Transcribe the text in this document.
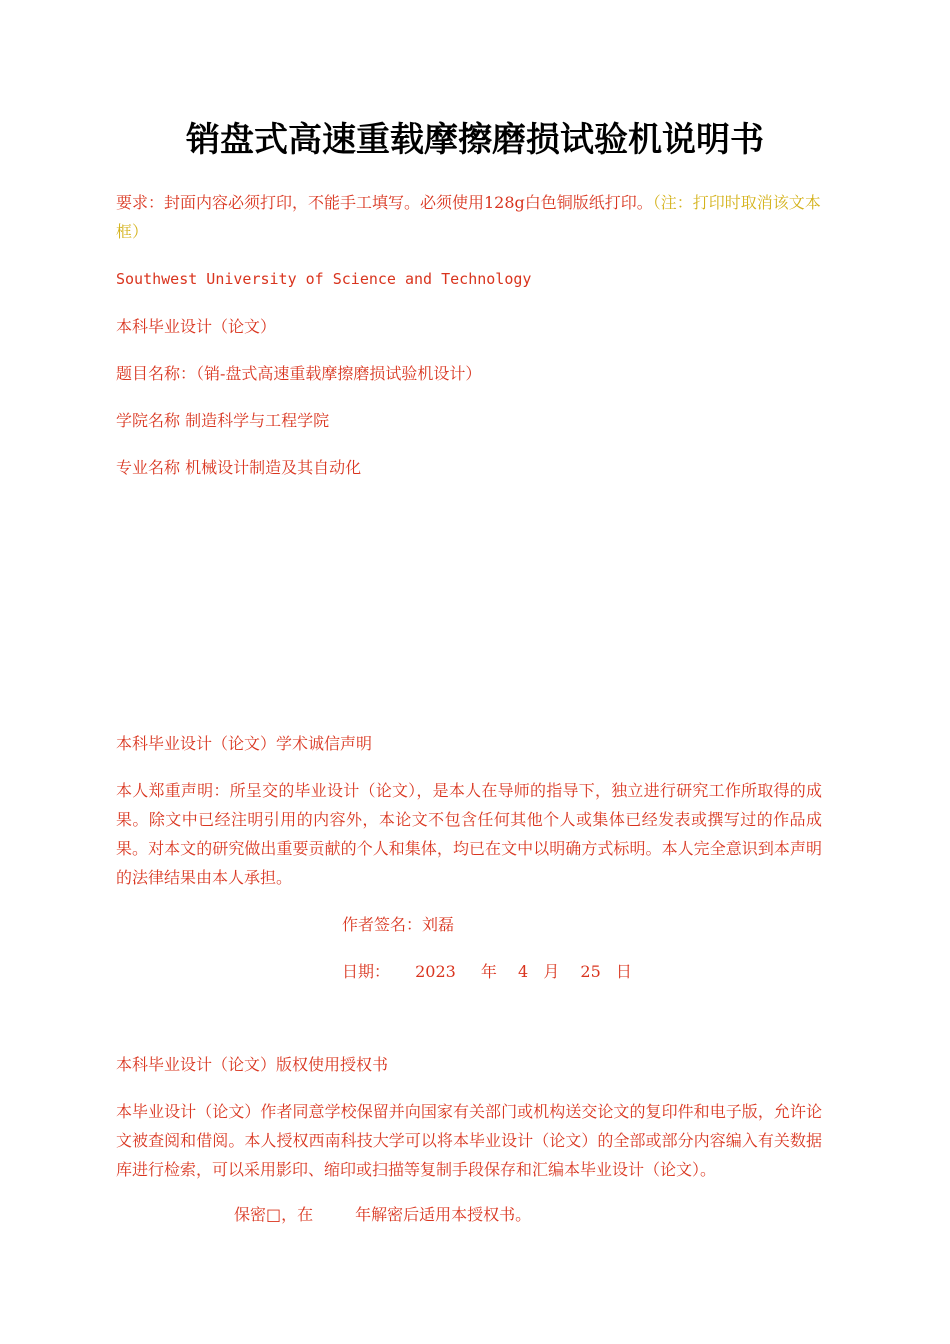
销盘式高速重载摩擦磨损试验机说明书
要求：封面内容必须打印，不能手工填写。必须使用128g白色铜版纸打印。（注：打印时取消该文本框）
Southwest University of Science and Technology
本科毕业设计（论文）
题目名称：（销-盘式高速重载摩擦磨损试验机设计）
学院名称 制造科学与工程学院
专业名称 机械设计制造及其自动化
本科毕业设计（论文）学术诚信声明
本人郑重声明：所呈交的毕业设计（论文），是本人在导师的指导下，独立进行研究工作所取得的成果。除文中已经注明引用的内容外，本论文不包含任何其他个人或集体已经发表或撰写过的作品成果。对本文的研究做出重要贡献的个人和集体，均已在文中以明确方式标明。本人完全意识到本声明的法律结果由本人承担。
作者签名：刘磊
日期： 2023 年 4 月 25 日
本科毕业设计（论文）版权使用授权书
本毕业设计（论文）作者同意学校保留并向国家有关部门或机构送交论文的复印件和电子版，允许论文被查阅和借阅。本人授权西南科技大学可以将本毕业设计（论文）的全部或部分内容编入有关数据库进行检索，可以采用影印、缩印或扫描等复制手段保存和汇编本毕业设计（论文）。
保密□，在	年解密后适用本授权书。
